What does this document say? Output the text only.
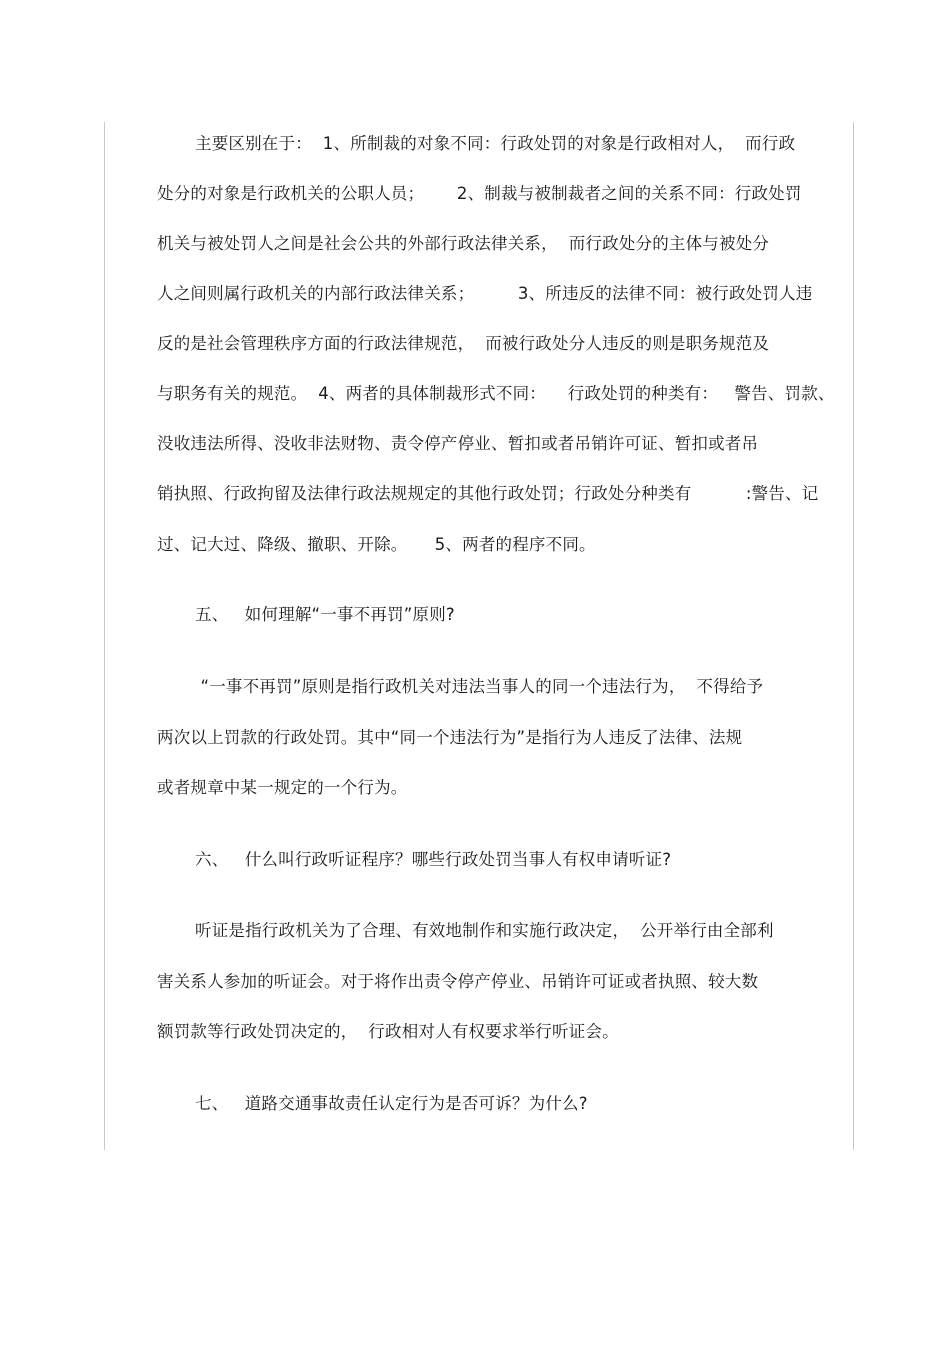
主要区别在于：  1、所制裁的对象不同：行政处罚的对象是行政相对人，  而行政
处分的对象是行政机关的公职人员；      2、制裁与被制裁者之间的关系不同：行政处罚
机关与被处罚人之间是社会公共的外部行政法律关系，  而行政处分的主体与被处分
人之间则属行政机关的内部行政法律关系；        3、所违反的法律不同：被行政处罚人违
反的是社会管理秩序方面的行政法律规范，  而被行政处分人违反的则是职务规范及
与职务有关的规范。  4、两者的具体制裁形式不同：    行政处罚的种类有：   警告、罚款、
没收违法所得、没收非法财物、责令停产停业、暂扣或者吊销许可证、暂扣或者吊
销执照、行政拘留及法律行政法规规定的其他行政处罚；行政处分种类有          :警告、记
过、记大过、降级、撤职、开除。     5、两者的程序不同。
五、   如何理解“一事不再罚”原则?
“一事不再罚”原则是指行政机关对违法当事人的同一个违法行为，  不得给予
两次以上罚款的行政处罚。其中“同一个违法行为”是指行为人违反了法律、法规
或者规章中某一规定的一个行为。
六、   什么叫行政听证程序？哪些行政处罚当事人有权申请听证?
听证是指行政机关为了合理、有效地制作和实施行政决定，  公开举行由全部利
害关系人参加的听证会。对于将作出责令停产停业、吊销许可证或者执照、较大数
额罚款等行政处罚决定的，  行政相对人有权要求举行听证会。
七、   道路交通事故责任认定行为是否可诉？为什么?
